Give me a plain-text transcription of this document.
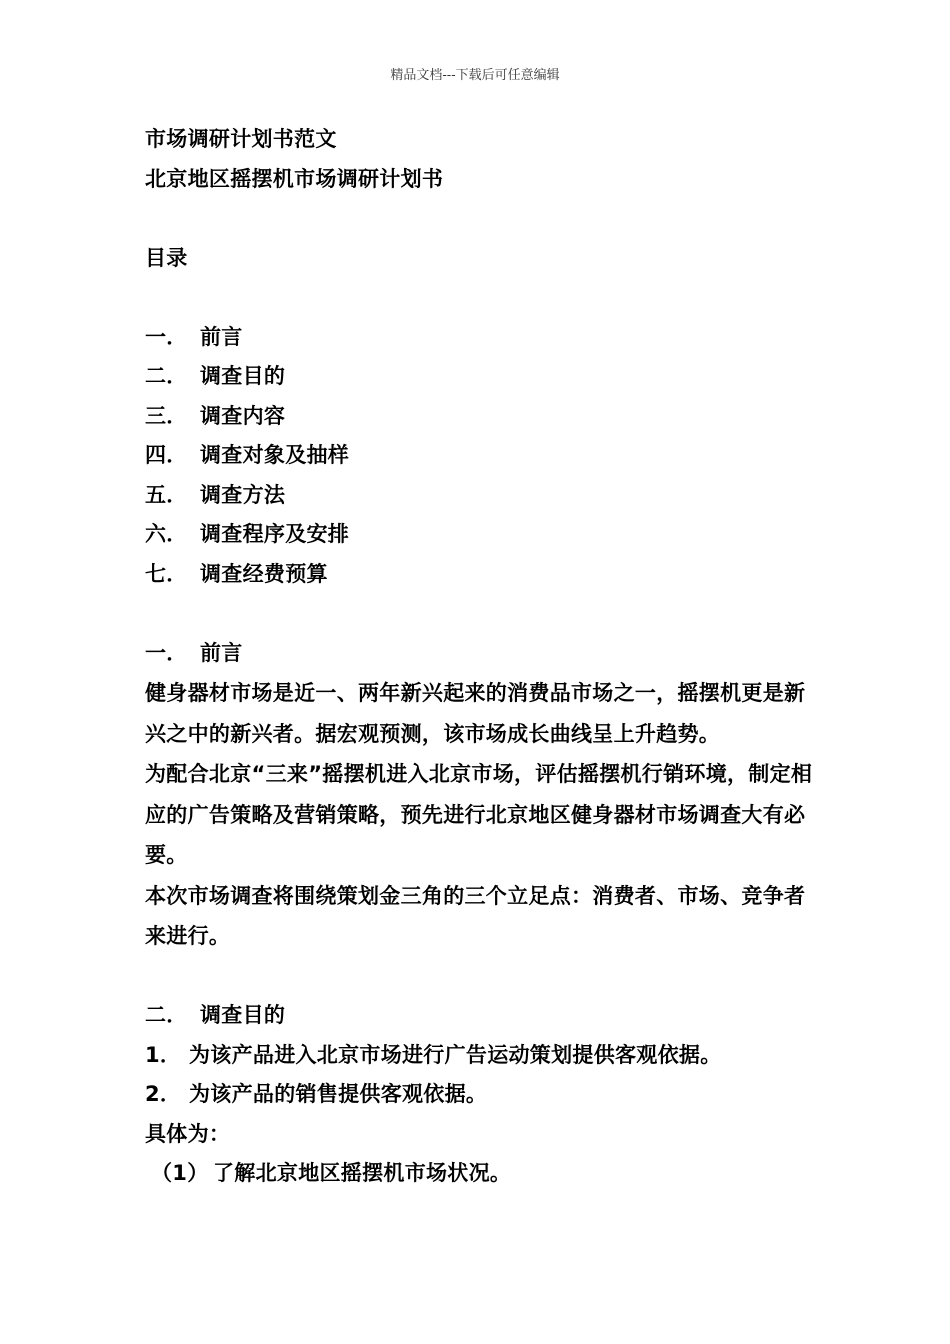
精品文档---下载后可任意编辑
市场调研计划书范文
北京地区摇摆机市场调研计划书
目录
一． 前言
二． 调查目的
三． 调查内容
四． 调查对象及抽样
五． 调查方法
六． 调查程序及安排
七． 调查经费预算
一． 前言
健身器材市场是近一、两年新兴起来的消费品市场之一，摇摆机更是新兴之中的新兴者。据宏观预测，该市场成长曲线呈上升趋势。
为配合北京“三来”摇摆机进入北京市场，评估摇摆机行销环境，制定相应的广告策略及营销策略，预先进行北京地区健身器材市场调查大有必要。
本次市场调查将围绕策划金三角的三个立足点：消费者、市场、竞争者来进行。
二． 调查目的
1． 为该产品进入北京市场进行广告运动策划提供客观依据。
2． 为该产品的销售提供客观依据。
具体为：
（1） 了解北京地区摇摆机市场状况。
